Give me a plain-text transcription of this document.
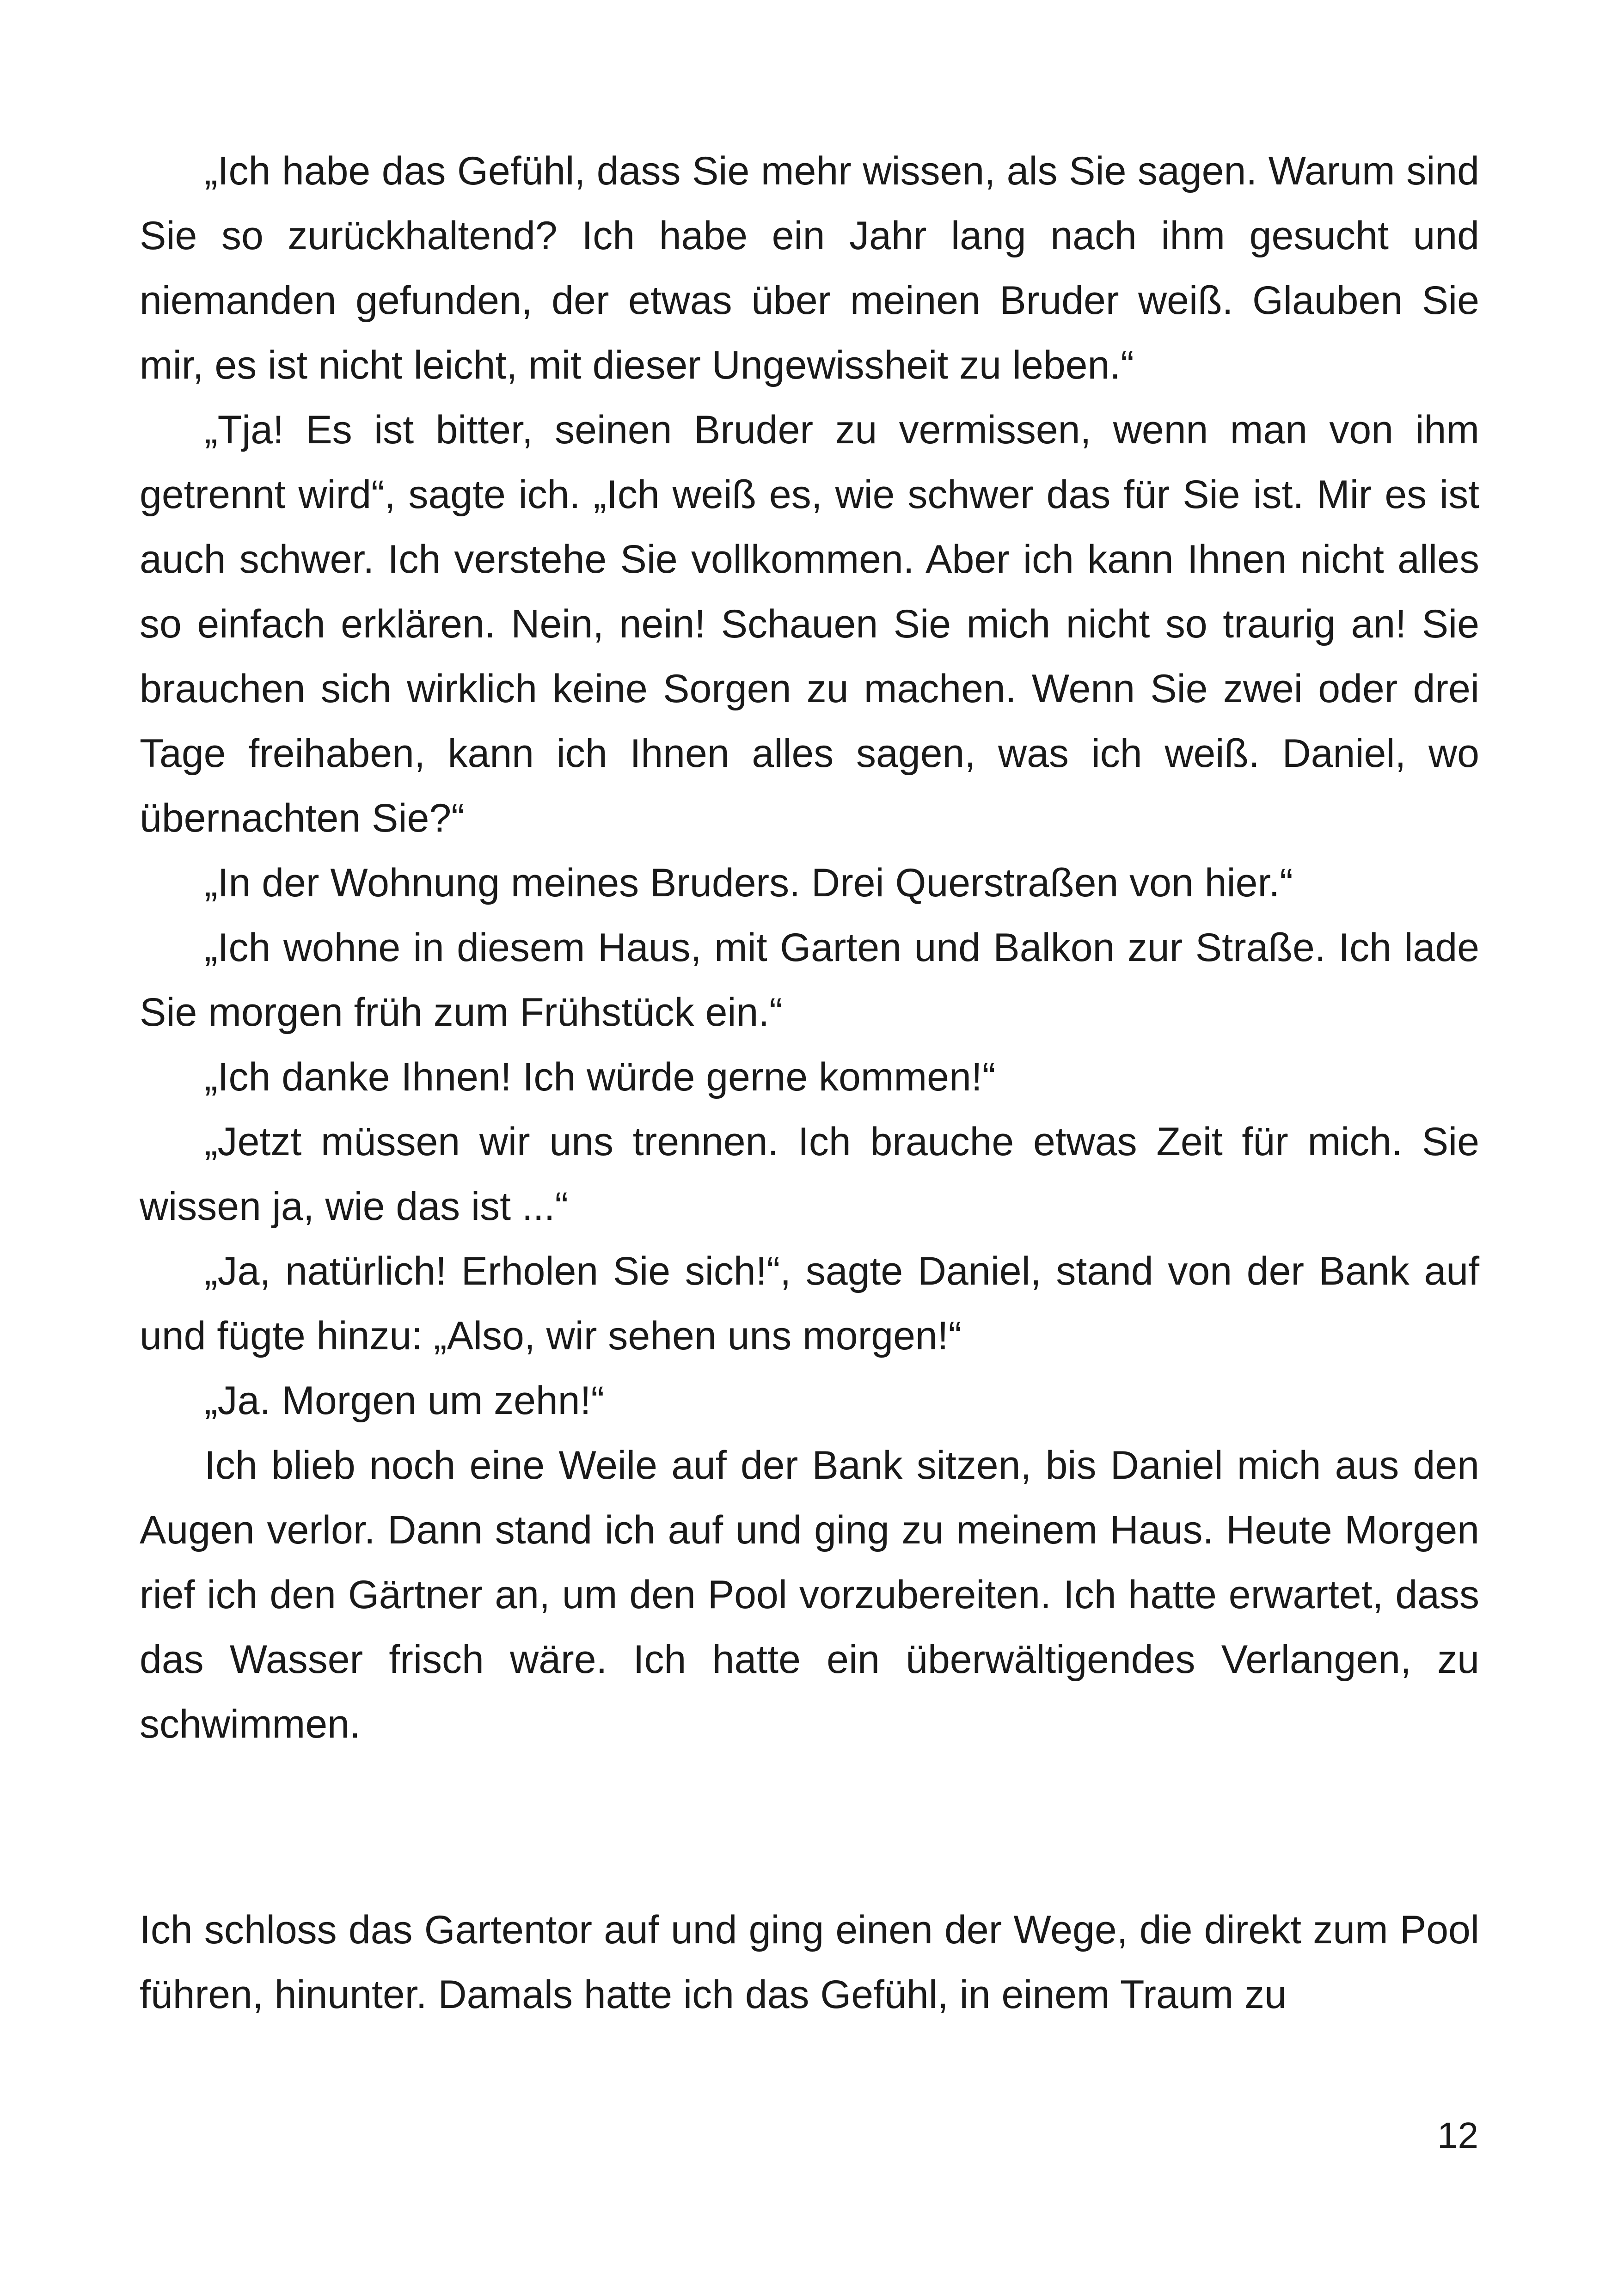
„Ich habe das Gefühl, dass Sie mehr wissen, als Sie sagen. Warum sind Sie so zurückhaltend? Ich habe ein Jahr lang nach ihm gesucht und niemanden gefunden, der etwas über meinen Bruder weiß. Glauben Sie mir, es ist nicht leicht, mit dieser Ungewissheit zu leben.“

„Tja! Es ist bitter, seinen Bruder zu vermissen, wenn man von ihm getrennt wird“, sagte ich. „Ich weiß es, wie schwer das für Sie ist. Mir es ist auch schwer. Ich verstehe Sie vollkommen. Aber ich kann Ihnen nicht alles so einfach erklären. Nein, nein! Schauen Sie mich nicht so traurig an! Sie brauchen sich wirklich keine Sorgen zu machen. Wenn Sie zwei oder drei Tage freihaben, kann ich Ihnen alles sagen, was ich weiß. Daniel, wo übernachten Sie?“

„In der Wohnung meines Bruders. Drei Querstraßen von hier.“

„Ich wohne in diesem Haus, mit Garten und Balkon zur Straße. Ich lade Sie morgen früh zum Frühstück ein.“

„Ich danke Ihnen! Ich würde gerne kommen!“

„Jetzt müssen wir uns trennen. Ich brauche etwas Zeit für mich. Sie wissen ja, wie das ist ...“

„Ja, natürlich! Erholen Sie sich!“, sagte Daniel, stand von der Bank auf und fügte hinzu: „Also, wir sehen uns morgen!“

„Ja. Morgen um zehn!“

Ich blieb noch eine Weile auf der Bank sitzen, bis Daniel mich aus den Augen verlor. Dann stand ich auf und ging zu meinem Haus. Heute Morgen rief ich den Gärtner an, um den Pool vorzubereiten. Ich hatte erwartet, dass das Wasser frisch wäre. Ich hatte ein überwältigendes Verlangen, zu schwimmen.

Ich schloss das Gartentor auf und ging einen der Wege, die direkt zum Pool führen, hinunter. Damals hatte ich das Gefühl, in einem Traum zu

12
